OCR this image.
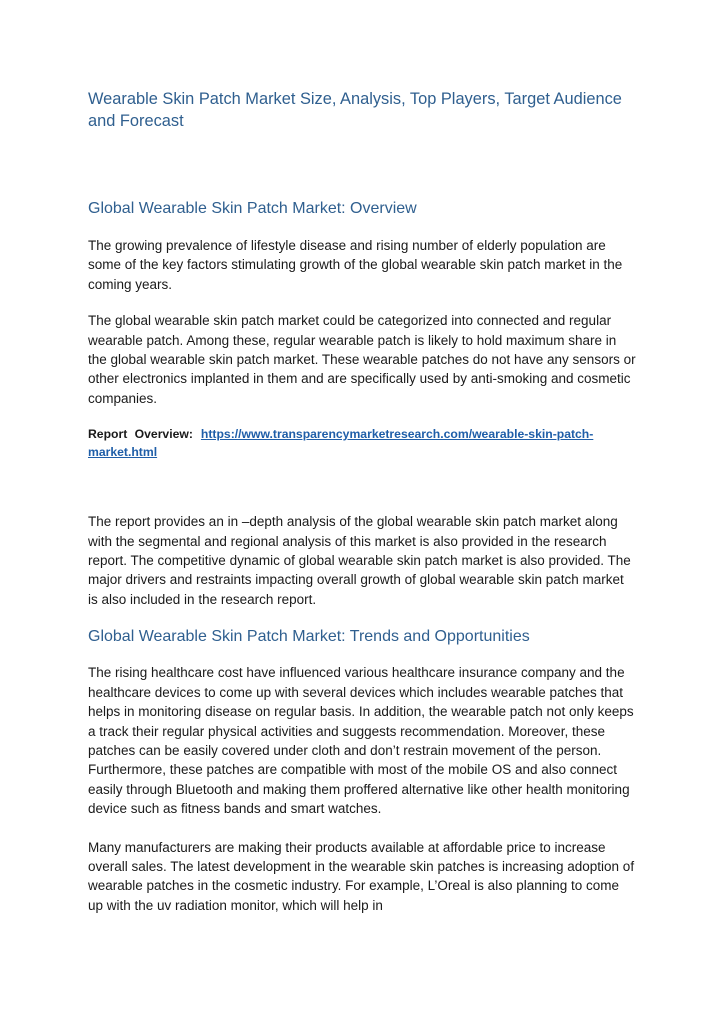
Wearable Skin Patch Market Size, Analysis, Top Players, Target Audience and Forecast
Global Wearable Skin Patch Market: Overview

The growing prevalence of lifestyle disease and rising number of elderly population are some of the key factors stimulating growth of the global wearable skin patch market in the coming years.

The global wearable skin patch market could be categorized into connected and regular wearable patch. Among these, regular wearable patch is likely to hold maximum share in the global wearable skin patch market. These wearable patches do not have any sensors or other electronics implanted in them and are specifically used by anti-smoking and cosmetic companies.

Report Overview: https://www.transparencymarketresearch.com/wearable-skin-patch-market.html

The report provides an in –depth analysis of the global wearable skin patch market along with the segmental and regional analysis of this market is also provided in the research report. The competitive dynamic of global wearable skin patch market is also provided. The major drivers and restraints impacting overall growth of global wearable skin patch market is also included in the research report.

Global Wearable Skin Patch Market: Trends and Opportunities

The rising healthcare cost have influenced various healthcare insurance company and the healthcare devices to come up with several devices which includes wearable patches that helps in monitoring disease on regular basis. In addition, the wearable patch not only keeps a track their regular physical activities and suggests recommendation. Moreover, these patches can be easily covered under cloth and don’t restrain movement of the person. Furthermore, these patches are compatible with most of the mobile OS and also connect easily through Bluetooth and making them proffered alternative like other health monitoring device such as fitness bands and smart watches.

Many manufacturers are making their products available at affordable price to increase overall sales. The latest development in the wearable skin patches is increasing adoption of wearable patches in the cosmetic industry. For example, L’Oreal is also planning to come up with the uv radiation monitor, which will help in
